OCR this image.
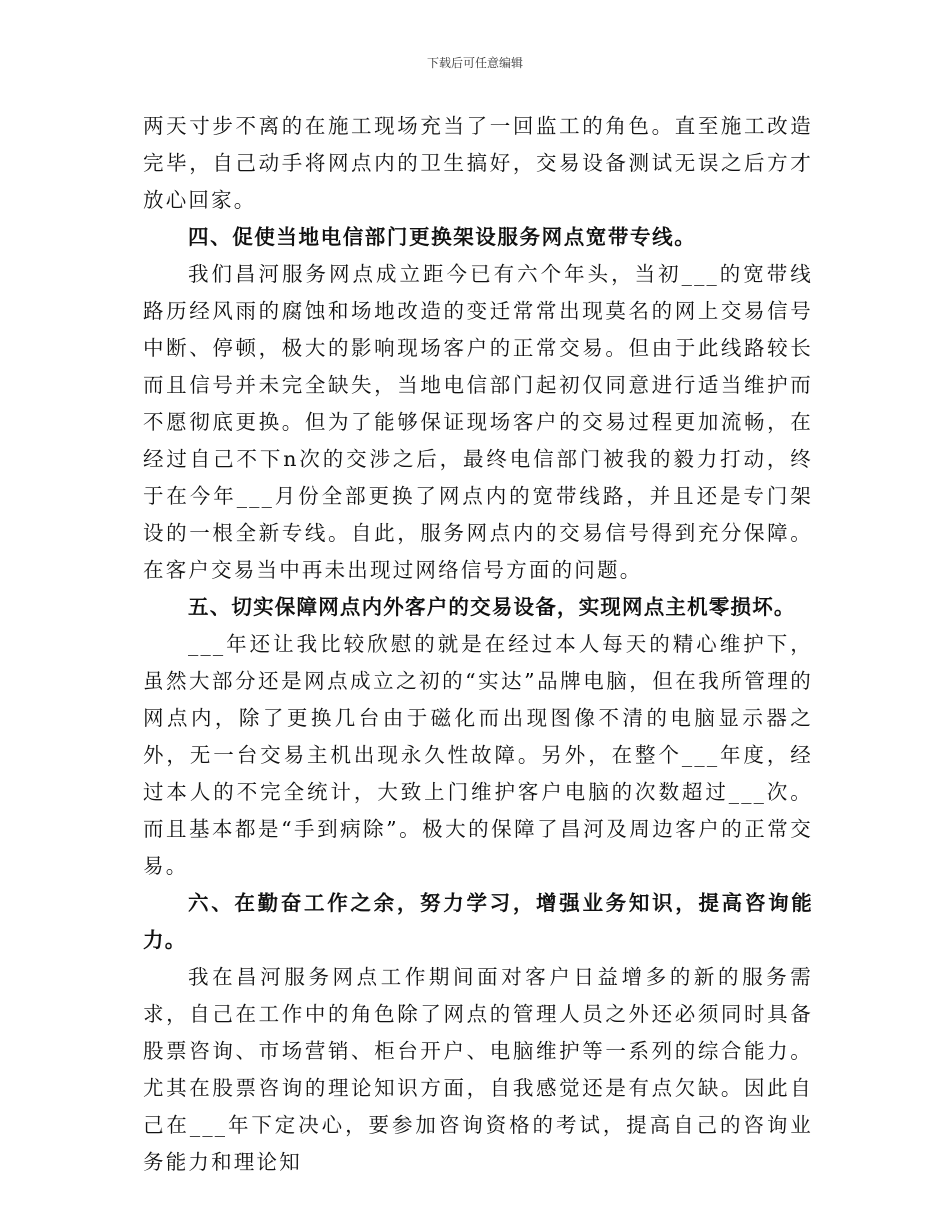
下载后可任意编辑

两天寸步不离的在施工现场充当了一回监工的角色。直至施工改造完毕，自己动手将网点内的卫生搞好，交易设备测试无误之后方才放心回家。

四、促使当地电信部门更换架设服务网点宽带专线。

我们昌河服务网点成立距今已有六个年头，当初___的宽带线路历经风雨的腐蚀和场地改造的变迁常常出现莫名的网上交易信号中断、停顿，极大的影响现场客户的正常交易。但由于此线路较长而且信号并未完全缺失，当地电信部门起初仅同意进行适当维护而不愿彻底更换。但为了能够保证现场客户的交易过程更加流畅，在经过自己不下n次的交涉之后，最终电信部门被我的毅力打动，终于在今年___月份全部更换了网点内的宽带线路，并且还是专门架设的一根全新专线。自此，服务网点内的交易信号得到充分保障。在客户交易当中再未出现过网络信号方面的问题。

五、切实保障网点内外客户的交易设备，实现网点主机零损坏。

___年还让我比较欣慰的就是在经过本人每天的精心维护下，虽然大部分还是网点成立之初的“实达”品牌电脑，但在我所管理的网点内，除了更换几台由于磁化而出现图像不清的电脑显示器之外，无一台交易主机出现永久性故障。另外，在整个___年度，经过本人的不完全统计，大致上门维护客户电脑的次数超过___次。而且基本都是“手到病除”。极大的保障了昌河及周边客户的正常交易。

六、在勤奋工作之余，努力学习，增强业务知识，提高咨询能力。

我在昌河服务网点工作期间面对客户日益增多的新的服务需求，自己在工作中的角色除了网点的管理人员之外还必须同时具备股票咨询、市场营销、柜台开户、电脑维护等一系列的综合能力。尤其在股票咨询的理论知识方面，自我感觉还是有点欠缺。因此自己在___年下定决心，要参加咨询资格的考试，提高自己的咨询业务能力和理论知
